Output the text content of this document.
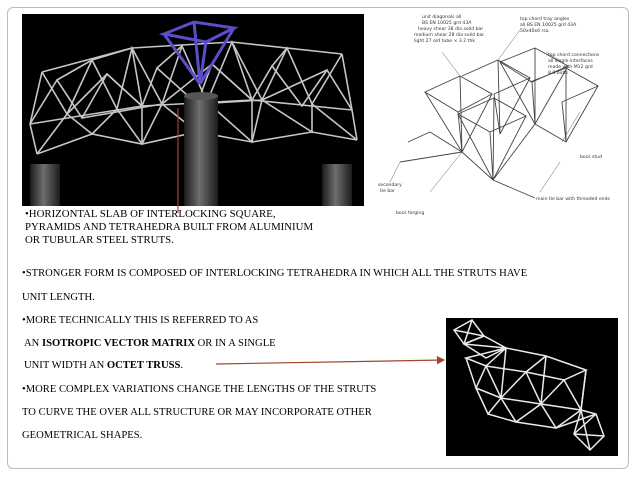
•HORIZONTAL SLAB OF INTERLOCKING SQUARE,
PYRAMIDS AND TETRAHEDRA BUILT FROM ALUMINIUM
OR TUBULAR STEEL STRUTS.
unit diagonals all
BS EN 10025 grd 43A
heavy shear 38 dia solid bar
medium shear 28 dia solid bar
light 27 o/d tube × 3.2 thk
top chord tray angles
all BS EN 10025 grd 43A
50x40x6 rsa
top chord connections
all single interfaces
made with M12 grd
8.8 bolts
boss stud
secondary
tie bar
main tie bar with threaded ends
boss forging
•STRONGER FORM IS COMPOSED OF INTERLOCKING TETRAHEDRA IN WHICH ALL THE STRUTS HAVE
UNIT LENGTH.
•MORE TECHNICALLY THIS IS REFERRED TO AS
AN ISOTROPIC VECTOR MATRIX OR IN A SINGLE
UNIT WIDTH AN OCTET TRUSS.
•MORE COMPLEX VARIATIONS CHANGE THE LENGTHS OF THE STRUTS
TO CURVE THE OVER ALL STRUCTURE OR MAY INCORPORATE OTHER
GEOMETRICAL SHAPES.
